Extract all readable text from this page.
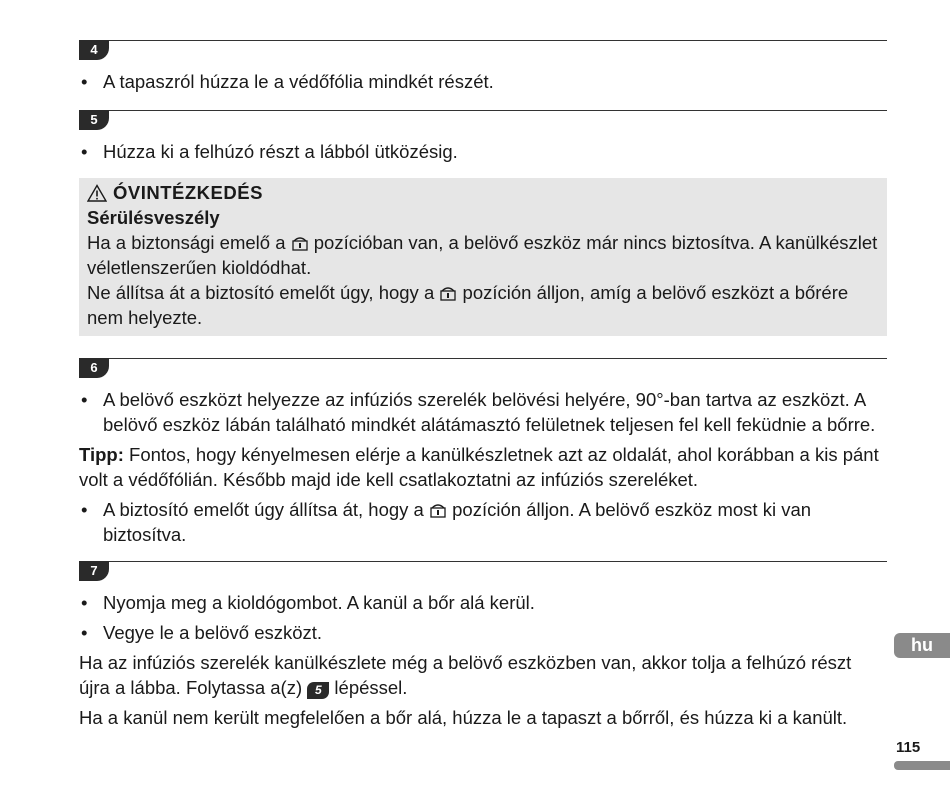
4
• A tapaszról húzza le a védőfólia mindkét részét.
5
• Húzza ki a felhúzó részt a lábból ütközésig.
ÓVINTÉZKEDÉS
Sérülésveszély
Ha a biztonsági emelő a pozícióban van, a belövő eszköz már nincs biztosítva. A kanülkészlet véletlenszerűen kioldódhat.
Ne állítsa át a biztosító emelőt úgy, hogy a pozíción álljon, amíg a belövő eszközt a bőrére nem helyezte.
6
• A belövő eszközt helyezze az infúziós szerelék belövési helyére, 90°-ban tartva az eszközt. A belövő eszköz lábán található mindkét alátámasztó felületnek teljesen fel kell feküdnie a bőrre.
Tipp: Fontos, hogy kényelmesen elérje a kanülkészletnek azt az oldalát, ahol korábban a kis pánt volt a védőfólián. Később majd ide kell csatlakoztatni az infúziós szereléket.
• A biztosító emelőt úgy állítsa át, hogy a pozíción álljon. A belövő eszköz most ki van biztosítva.
7
• Nyomja meg a kioldógombot. A kanül a bőr alá kerül.
• Vegye le a belövő eszközt.
Ha az infúziós szerelék kanülkészlete még a belövő eszközben van, akkor tolja a felhúzó részt újra a lábba. Folytassa a(z) 5 lépéssel.
Ha a kanül nem került megfelelően a bőr alá, húzza le a tapaszt a bőrről, és húzza ki a kanült.
hu
115
